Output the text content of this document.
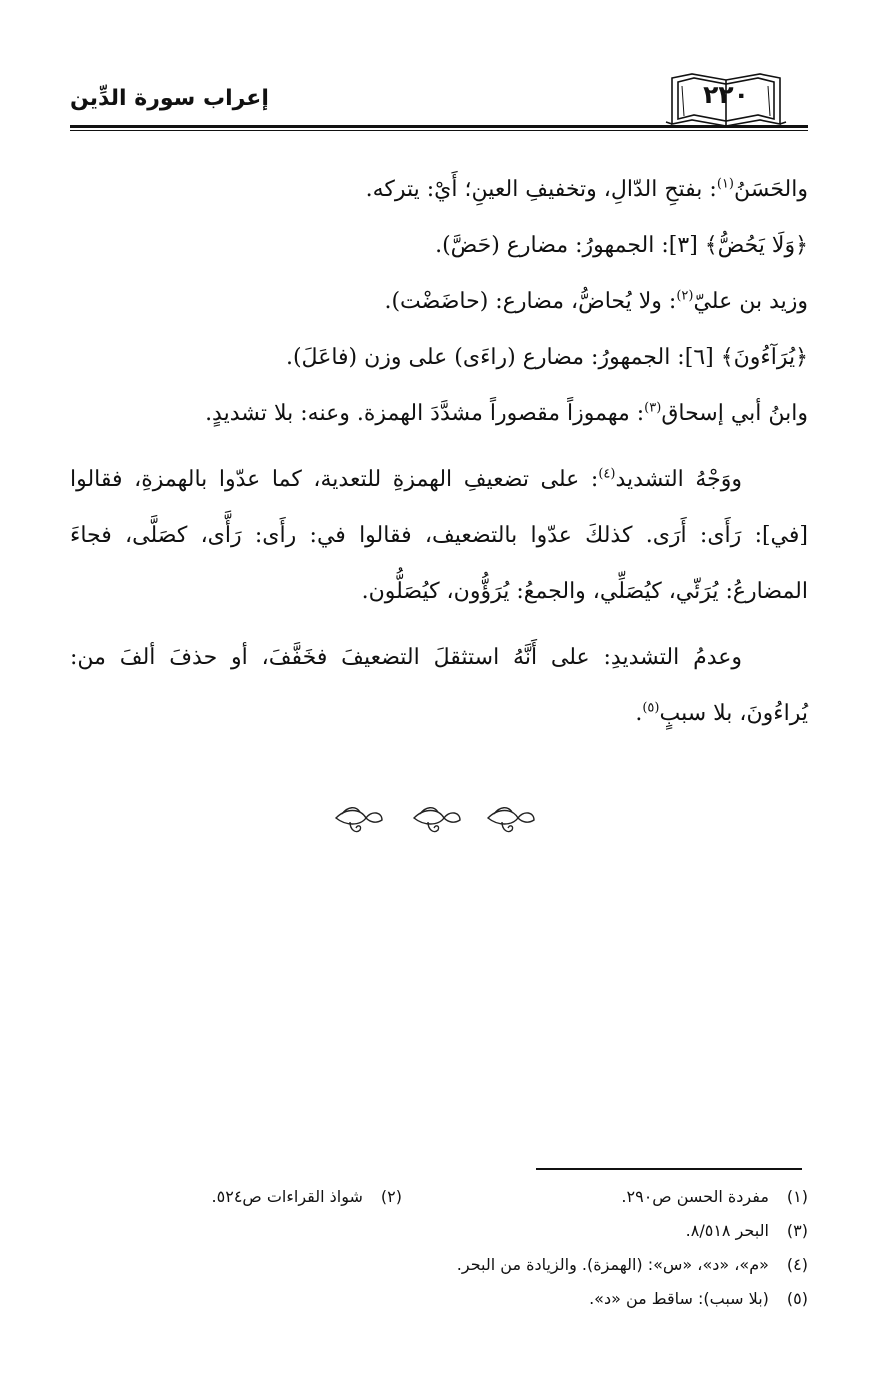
إعراب سورة الدِّين	٢٢٠

والحَسَنُ$^{(١)}$: بفتحِ الدّالِ، وتخفيفِ العينِ؛ أَيْ: يتركه.

﴿وَلَا يَحُضُّ﴾ [٣]: الجمهورُ: مضارع (حَضَّ).

وزيد بن عليّ$^{(٢)}$: ولا يُحاضُّ، مضارع: (حاضَضْت).

﴿يُرَآءُونَ﴾ [٦]: الجمهورُ: مضارع (راءَى) على وزن (فاعَلَ).

وابنُ أبي إسحاق$^{(٣)}$: مهموزاً مقصوراً مشدَّدَ الهمزة. وعنه: بلا تشديدٍ.

ووَجْهُ التشديد$^{(٤)}$: على تضعيفِ الهمزةِ للتعدية، كما عدّوا بالهمزةِ، فقالوا [في]: رَأَى: أَرَى. كذلكَ عدّوا بالتضعيف، فقالوا في: رأَى: رَأَّى، كصَلَّى، فجاءَ المضارعُ: يُرَئّي، كيُصَلِّي، والجمعُ: يُرَؤُّون، كيُصَلُّون.

وعدمُ التشديدِ: على أَنَّهُ استثقلَ التضعيفَ فخَفَّفَ، أو حذفَ ألفَ من: يُراءُونَ، بلا سببٍ$^{(٥)}$.

(١) مفردة الحسن ص٢٩٠.
(٢) شواذ القراءات ص٥٢٤.
(٣) البحر ٨/٥١٨.
(٤) «م»، «د»، «س»: (الهمزة). والزيادة من البحر.
(٥) (بلا سبب): ساقط من «د».
